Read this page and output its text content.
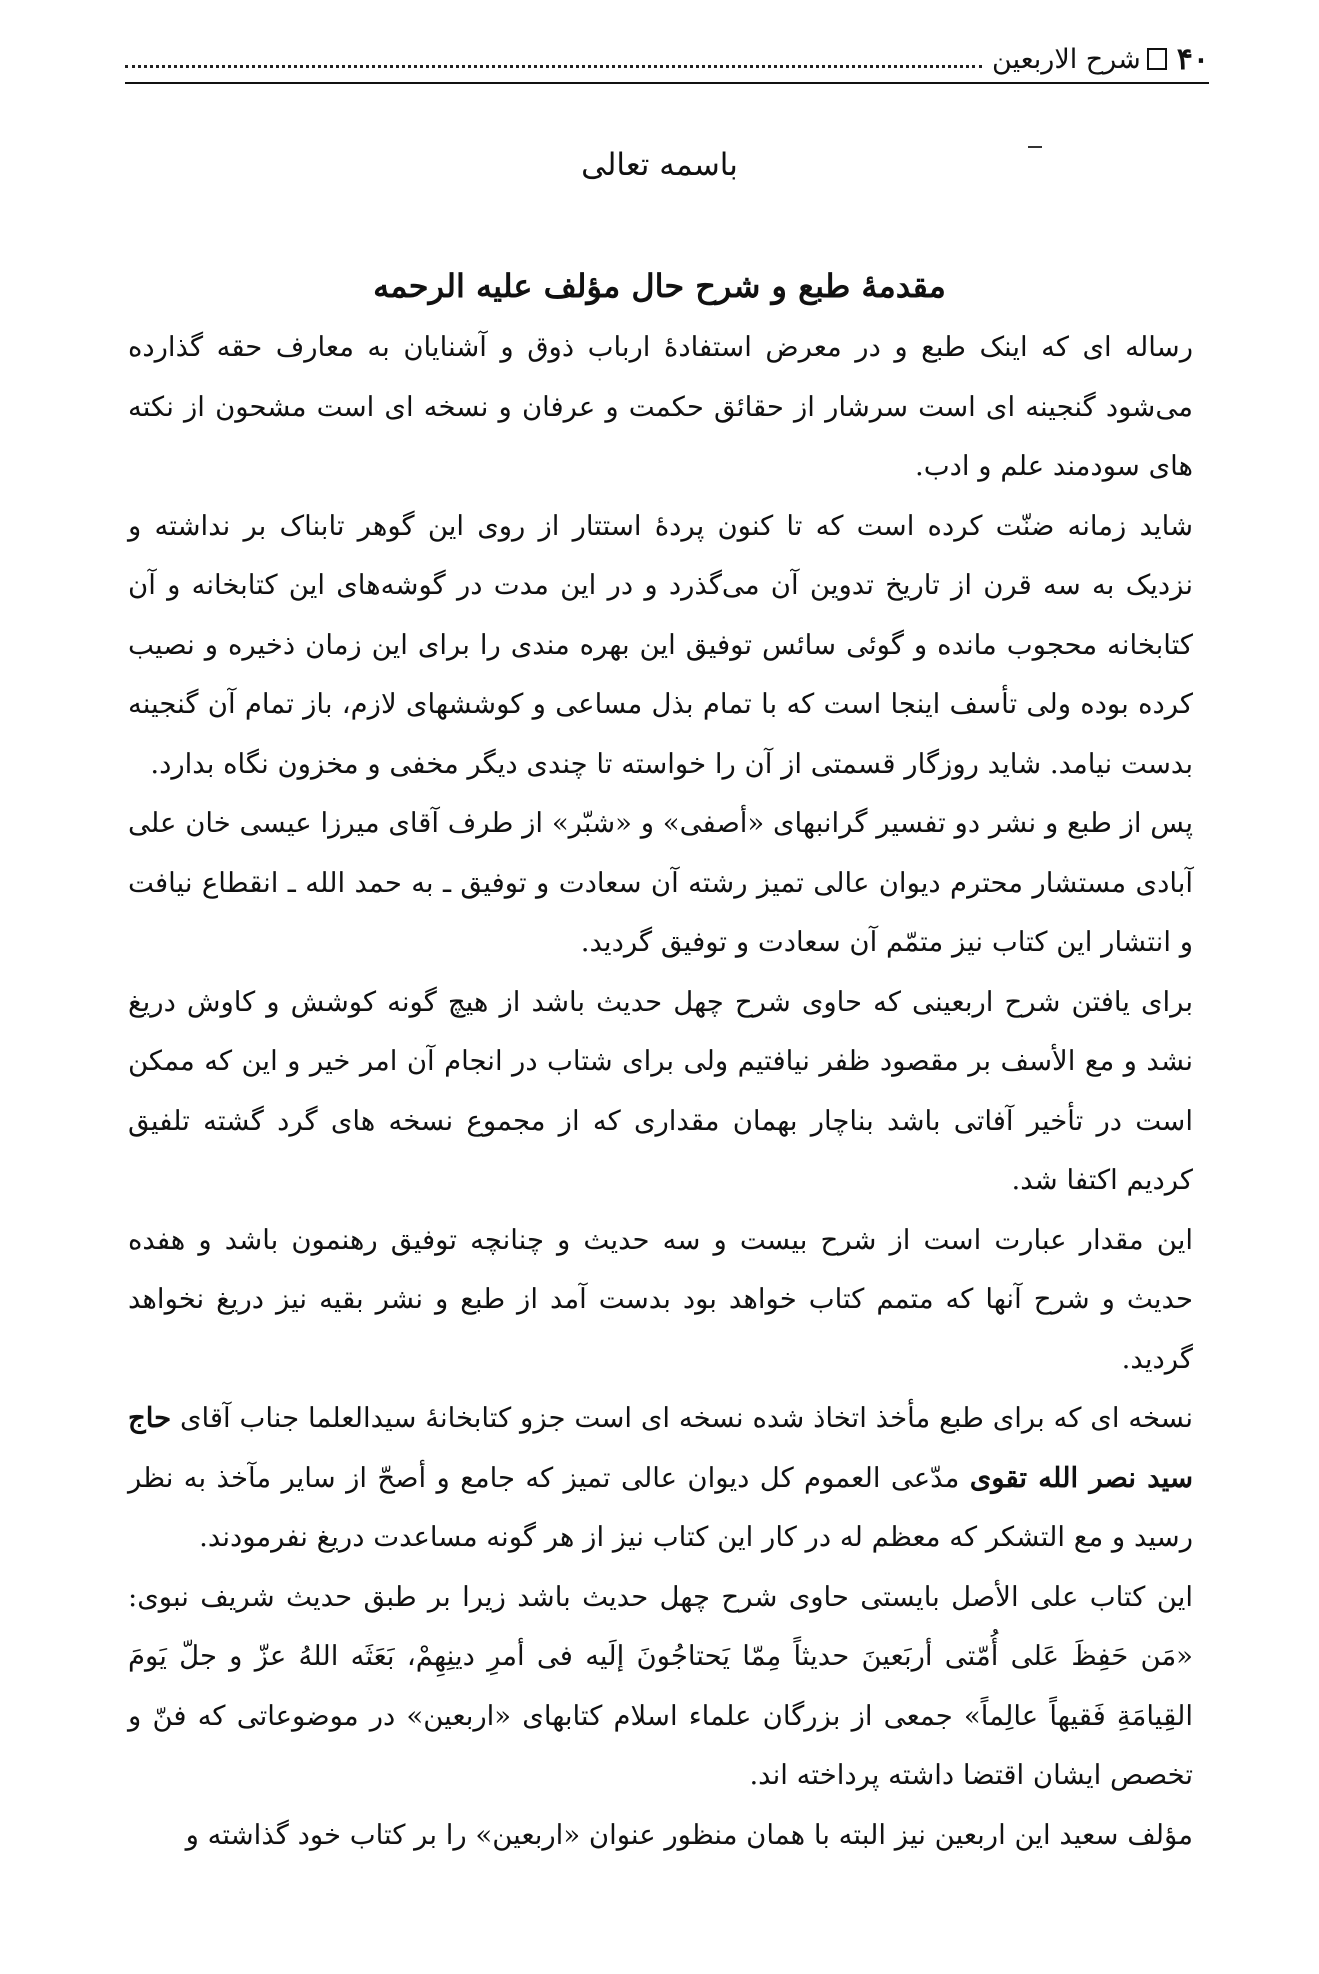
۴۰
شرح الاربعين
باسمه تعالى
مقدمهٔ طبع و شرح حال مؤلف عليه الرحمه

رساله ای که اینک طبع و در معرض استفادهٔ ارباب ذوق و آشنایان به معارف حقه گذارده می‌شود گنجینه ای است سرشار از حقائق حکمت و عرفان و نسخه ای است مشحون از نکته های سودمند علم و ادب.

شاید زمانه ضنّت کرده است که تا کنون پردهٔ استتار از روی این گوهر تابناک بر نداشته و نزدیک به سه قرن از تاریخ تدوین آن می‌گذرد و در این مدت در گوشه‌های این کتابخانه و آن کتابخانه محجوب مانده و گوئی سائس توفیق این بهره مندی را برای این زمان ذخیره و نصیب کرده بوده ولی تأسف اینجا است که با تمام بذل مساعی و کوششهای لازم، باز تمام آن گنجینه بدست نیامد. شاید روزگار قسمتی از آن را خواسته تا چندی دیگر مخفی و مخزون نگاه بدارد.

پس از طبع و نشر دو تفسیر گرانبهای «أصفی» و «شبّر» از طرف آقای میرزا عیسی خان علی آبادی مستشار محترم دیوان عالی تمیز رشته آن سعادت و توفیق ـ به حمد الله ـ انقطاع نیافت و انتشار این کتاب نیز متمّم آن سعادت و توفیق گردید.

برای یافتن شرح اربعینی که حاوی شرح چهل حدیث باشد از هیچ گونه کوشش و کاوش دریغ نشد و مع الأسف بر مقصود ظفر نیافتیم ولی برای شتاب در انجام آن امر خیر و این که ممکن است در تأخیر آفاتی باشد بناچار بهمان مقداری که از مجموع نسخه های گرد گشته تلفیق کردیم اکتفا شد.

این مقدار عبارت است از شرح بیست و سه حدیث و چنانچه توفیق رهنمون باشد و هفده حدیث و شرح آنها که متمم کتاب خواهد بود بدست آمد از طبع و نشر بقیه نیز دریغ نخواهد گردید.

نسخه ای که برای طبع مأخذ اتخاذ شده نسخه ای است جزو کتابخانهٔ سیدالعلما جناب آقای حاج سید نصر الله تقوی مدّعی العموم کل دیوان عالی تمیز که جامع و أصحّ از سایر مآخذ به نظر رسید و مع التشکر که معظم له در کار این کتاب نیز از هر گونه مساعدت دریغ نفرمودند.

این کتاب علی الأصل بایستی حاوی شرح چهل حدیث باشد زیرا بر طبق حدیث شریف نبوی: «مَن حَفِظَ عَلی أُمّتی أربَعینَ حدیثاً مِمّا یَحتاجُونَ إلَیه فی أمرِ دینِهِمْ، بَعَثَه اللهُ عزّ و جلّ یَومَ القِیامَةِ فَقیهاً عالِماً» جمعی از بزرگان علماء اسلام کتابهای «اربعین» در موضوعاتی که فنّ و تخصص ایشان اقتضا داشته پرداخته اند.

مؤلف سعید این اربعین نیز البته با همان منظور عنوان «اربعین» را بر کتاب خود گذاشته و
